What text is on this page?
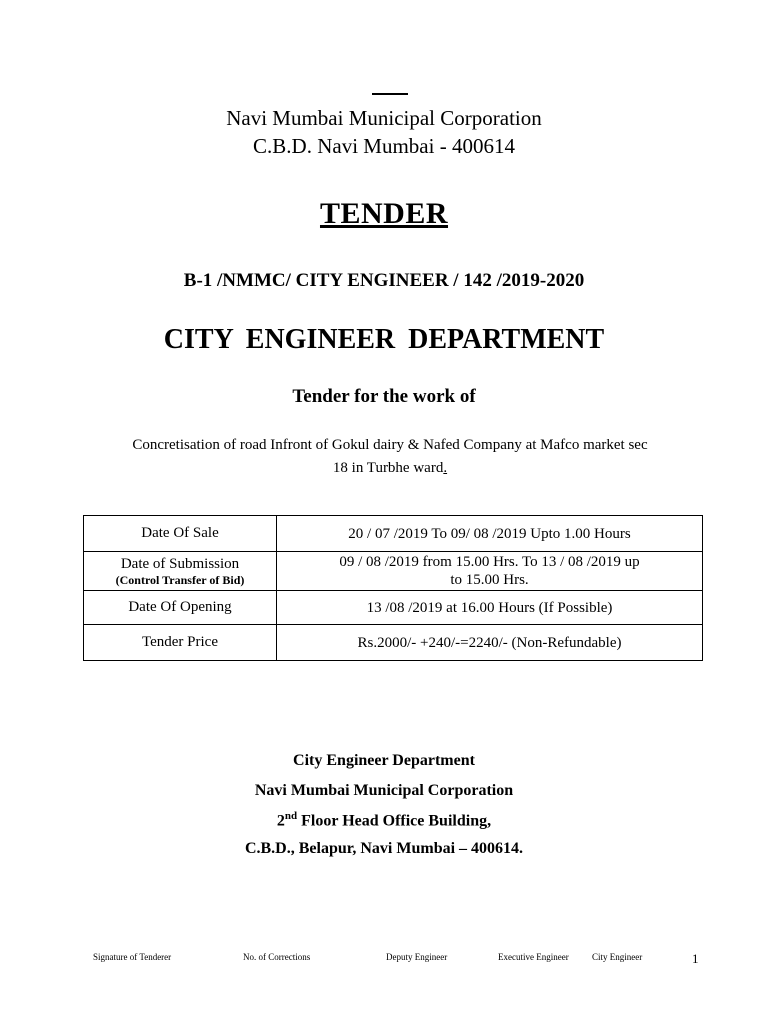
Navi Mumbai Municipal Corporation
C.B.D. Navi Mumbai - 400614
TENDER
B-1 /NMMC/ CITY ENGINEER / 142 /2019-2020
CITY ENGINEER DEPARTMENT
Tender for the work of
Concretisation of road Infront of Gokul dairy & Nafed Company at Mafco market sec
18 in Turbhe ward.
Date Of Sale	20 / 07 /2019 To 09/ 08 /2019 Upto 1.00 Hours

Date of Submission
(Control Transfer of Bid)	09 / 08 /2019 from 15.00 Hrs. To 13 / 08 /2019 up
to 15.00 Hrs.

Date Of Opening	13 /08 /2019 at 16.00 Hours (If Possible)

Tender Price	Rs.2000/- +240/-=2240/- (Non-Refundable)
City Engineer Department
Navi Mumbai Municipal Corporation
2nd Floor Head Office Building,
C.B.D., Belapur, Navi Mumbai – 400614.
Signature of Tenderer	No. of Corrections	Deputy Engineer	Executive Engineer	City Engineer	1
